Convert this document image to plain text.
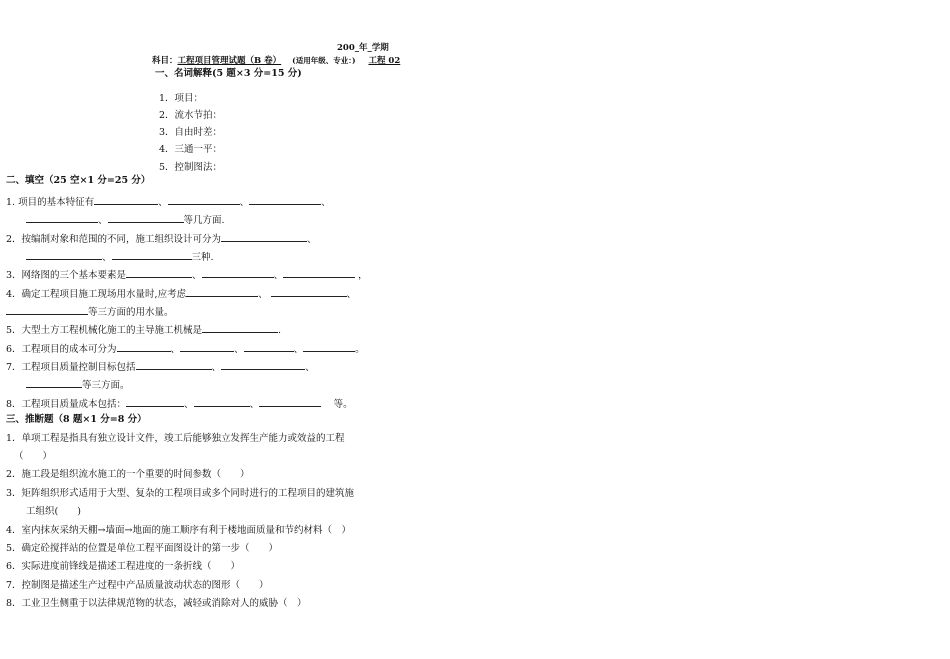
200_年_学期
科目：工程项目管理试题（B 卷） (适用年级、专业：) 工程 02
一、名词解释(5 题×3 分=15 分)
1．项目：
2．流水节拍：
3．自由时差：
4．三通一平：
5．控制图法：
二、填空（25 空×1 分=25 分）
1. 项目的基本特征有	、	、	、
、	等几方面.
2．按编制对象和范围的不同，施工组织设计可分为	、
、	三种.
3．网络图的三个基本要素是	、	、	，
4．确定工程项目施工现场用水量时,应考虑	、	、
等三方面的用水量。
5．大型土方工程机械化施工的主导施工机械是	.
6．工程项目的成本可分为	、	、	、	。
7．工程项目质量控制目标包括	、	、
等三方面。
8．工程项目质量成本包括：	、	、　	等。
三、推断题（8 题×1 分=8 分）
1．单项工程是指具有独立设计文件，竣工后能够独立发挥生产能力或效益的工程
（　　）
2．施工段是组织流水施工的一个重要的时间参数（　　）
3．矩阵组织形式适用于大型、复杂的工程项目或多个同时进行的工程项目的建筑施
工组织(　　)
4．室内抹灰采纳天棚→墙面→地面的施工顺序有利于楼地面质量和节约材料（　）
5．确定砼搅拌站的位置是单位工程平面图设计的第一步（　　）
6．实际进度前锋线是描述工程进度的一条折线（　　）
7．控制图是描述生产过程中产品质量波动状态的图形（　　）
8．工业卫生侧重于以法律规范物的状态，减轻或消除对人的威胁（　）
